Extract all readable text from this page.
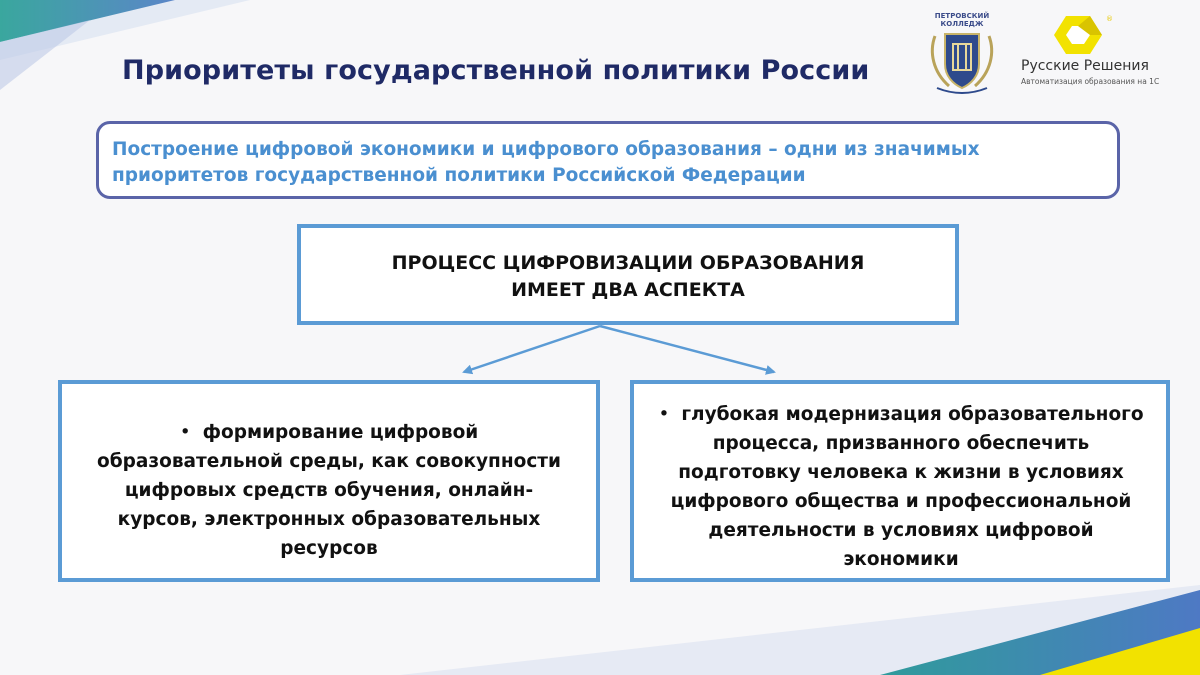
Приоритеты государственной политики России
ПЕТРОВСКИЙ
КОЛЛЕДЖ
®
Русские Решения
Автоматизация образования на 1С
Построение цифровой экономики и цифрового образования – одни из значимых приоритетов государственной политики Российской Федерации
ПРОЦЕСС ЦИФРОВИЗАЦИИ ОБРАЗОВАНИЯ
ИМЕЕТ ДВА АСПЕКТА
• формирование цифровой образовательной среды, как совокупности цифровых средств обучения, онлайн-курсов, электронных образовательных ресурсов
• глубокая модернизация образовательного процесса, призванного обеспечить подготовку человека к жизни в условиях цифрового общества и профессиональной деятельности в условиях цифровой экономики
